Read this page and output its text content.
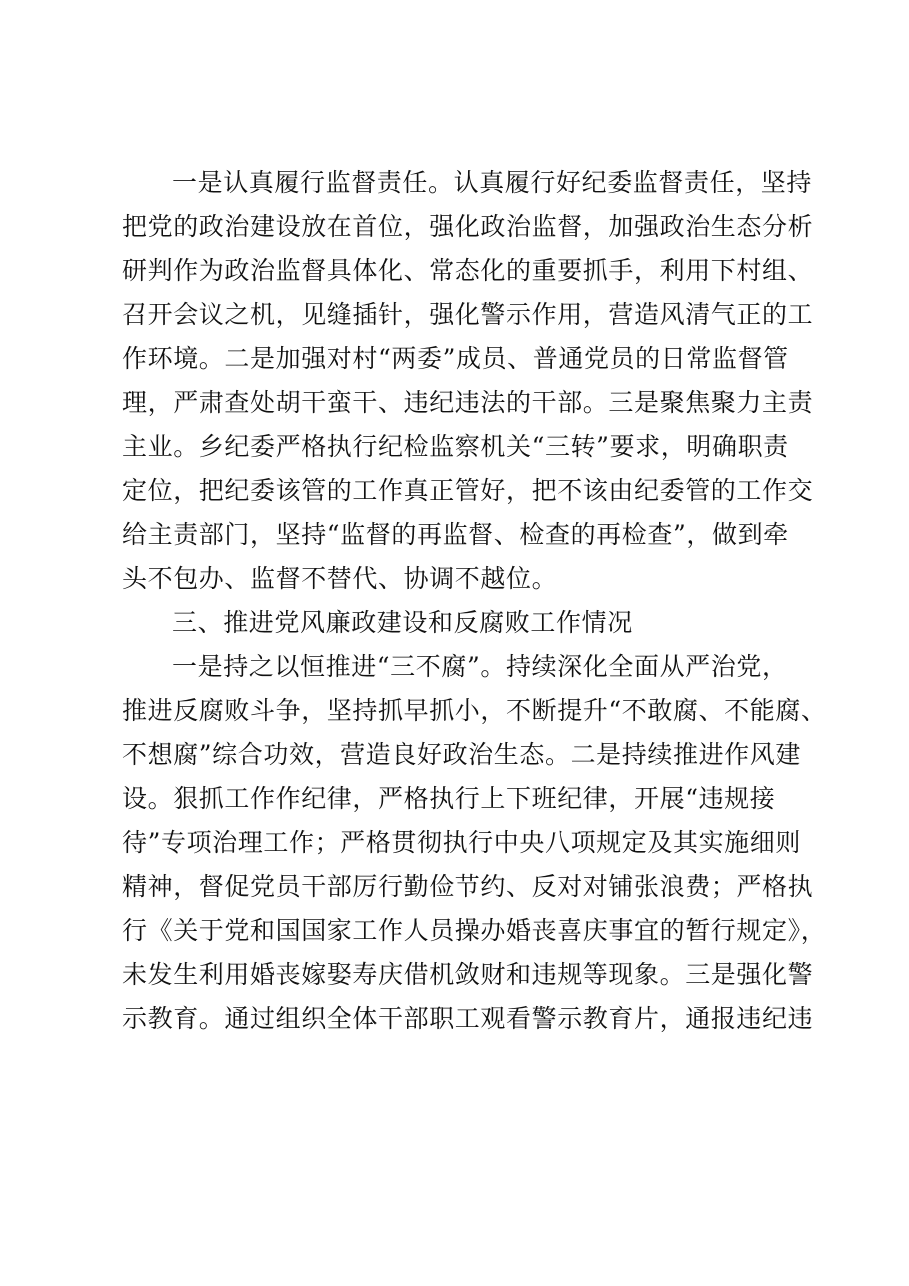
一是认真履行监督责任。认真履行好纪委监督责任，坚持
把党的政治建设放在首位，强化政治监督，加强政治生态分析
研判作为政治监督具体化、常态化的重要抓手，利用下村组、
召开会议之机，见缝插针，强化警示作用，营造风清气正的工
作环境。二是加强对村“两委”成员、普通党员的日常监督管
理，严肃查处胡干蛮干、违纪违法的干部。三是聚焦聚力主责
主业。乡纪委严格执行纪检监察机关“三转”要求，明确职责
定位，把纪委该管的工作真正管好，把不该由纪委管的工作交
给主责部门，坚持“监督的再监督、检查的再检查”，做到牵
头不包办、监督不替代、协调不越位。
三、推进党风廉政建设和反腐败工作情况
一是持之以恒推进“三不腐”。持续深化全面从严治党，
推进反腐败斗争，坚持抓早抓小，不断提升“不敢腐、不能腐、
不想腐”综合功效，营造良好政治生态。二是持续推进作风建
设。狠抓工作作纪律，严格执行上下班纪律，开展“违规接
待”专项治理工作；严格贯彻执行中央八项规定及其实施细则
精神，督促党员干部厉行勤俭节约、反对对铺张浪费；严格执
行《关于党和国国家工作人员操办婚丧喜庆事宜的暂行规定》，
未发生利用婚丧嫁娶寿庆借机敛财和违规等现象。三是强化警
示教育。通过组织全体干部职工观看警示教育片，通报违纪违
